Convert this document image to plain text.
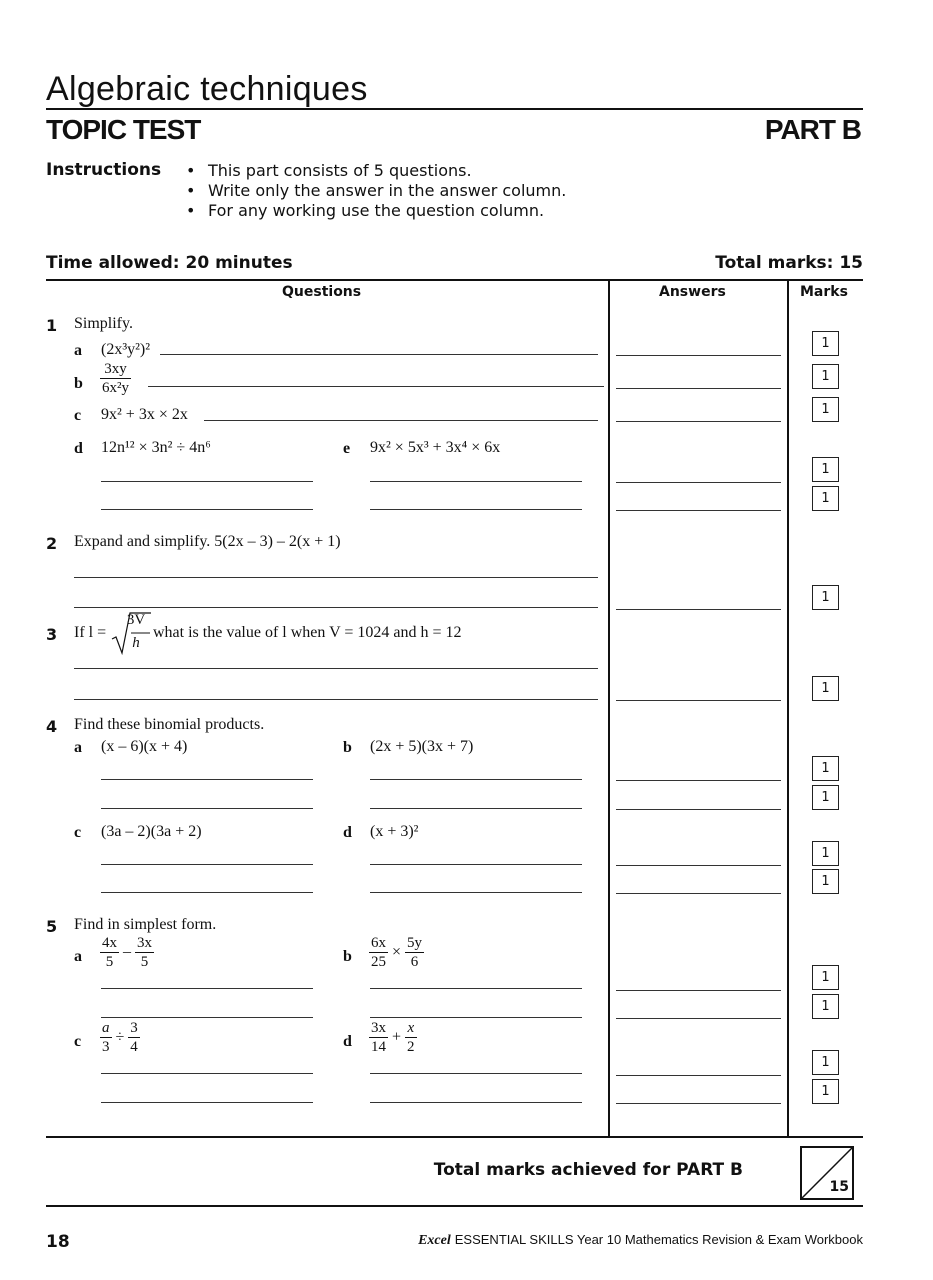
Algebraic techniques
TOPIC TEST	PART B
Instructions
•	This part consists of 5 questions.
• Write only the answer in the answer column.
• For any working use the question column.
Time allowed: 20 minutes	Total marks: 15
Questions	Answers	Marks
1 Simplify.
a (2x³y²)²
b $\frac{3xy}{\text{6x²y}}$
c 9x² + 3x × 2x
d 12n¹² × 3n² ÷ 4n⁶	e 9x² × 5x³ + 3x⁴ × 6x
2 Expand and simplify. 5(2x – 3) – 2(x + 1)
3 If l =
3V
h
what is the value of l when V = 1024 and h = 12
4 Find these binomial products.
a (x – 6)(x + 4)	b (2x + 5)(3x + 7)
c (3a – 2)(3a + 2)	d (x + 3)²
5 Find in simplest form.
a $\frac{4x}{5} - \frac{3x}{5}$	b $\frac{6x}{25} \times \frac{5y}{6}$
c $\frac{a}{3} \div \frac{3}{4}$	d $\frac{3x}{14} + \frac{x}{2}$
1
1
1
1
1
1
1
1
1
1
1
1
1
1
1
Total marks achieved for PART B
15
18	Excel ESSENTIAL SKILLS Year 10 Mathematics Revision & Exam Workbook
